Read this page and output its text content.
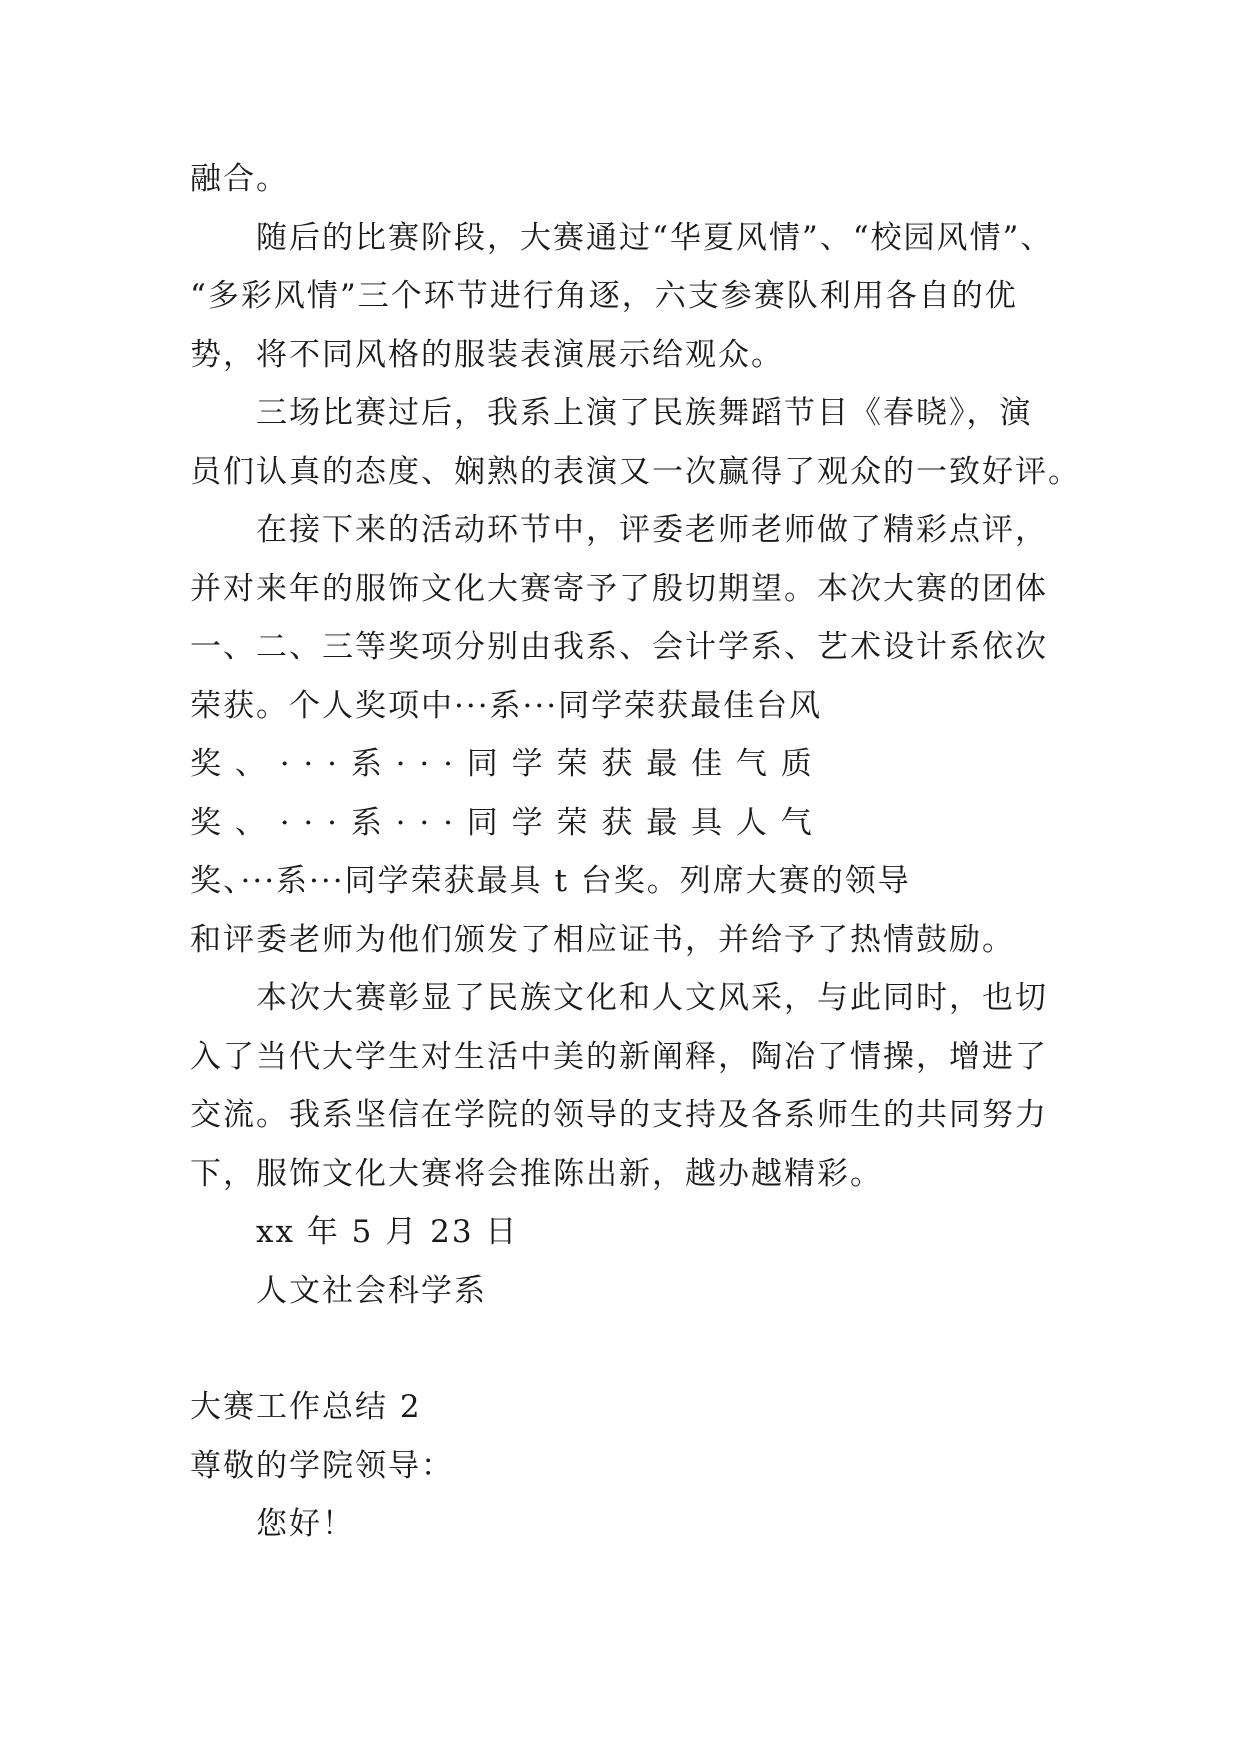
融合。
随后的比赛阶段，大赛通过“华夏风情”、“校园风情”、
“多彩风情”三个环节进行角逐，六支参赛队利用各自的优
势，将不同风格的服装表演展示给观众。
三场比赛过后，我系上演了民族舞蹈节目《春晓》，演
员们认真的态度、娴熟的表演又一次赢得了观众的一致好评。
在接下来的活动环节中，评委老师老师做了精彩点评，
并对来年的服饰文化大赛寄予了殷切期望。本次大赛的团体
一、二、三等奖项分别由我系、会计学系、艺术设计系依次
荣获。个人奖项中···系···同学荣获最佳台风
奖 、 · · · 系 · · · 同 学 荣 获 最 佳 气 质
奖 、 · · · 系 · · · 同 学 荣 获 最 具 人 气
奖、···系···同学荣获最具 t 台奖。列席大赛的领导
和评委老师为他们颁发了相应证书，并给予了热情鼓励。
本次大赛彰显了民族文化和人文风采，与此同时，也切
入了当代大学生对生活中美的新阐释，陶冶了情操，增进了
交流。我系坚信在学院的领导的支持及各系师生的共同努力
下，服饰文化大赛将会推陈出新，越办越精彩。
xx 年 5 月 23 日
人文社会科学系
大赛工作总结 2
尊敬的学院领导：
您好！
